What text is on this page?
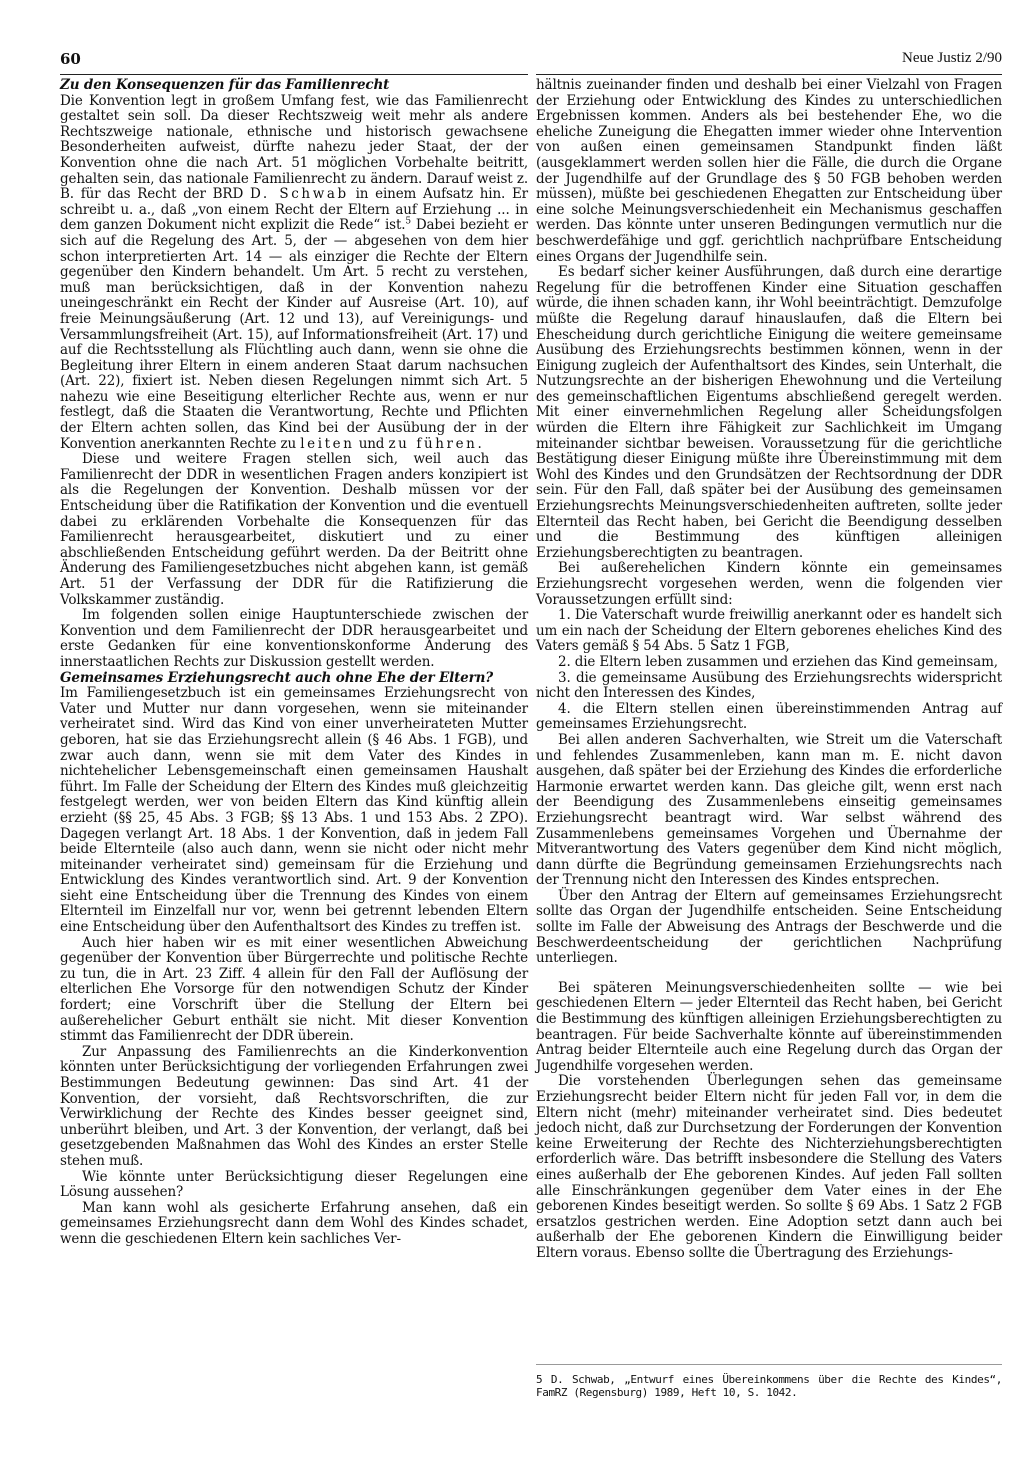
60	Neue Justiz 2/90

Zu den Konsequenzen für das Familienrecht

Die Konvention legt in großem Umfang fest, wie das Familienrecht gestaltet sein soll. Da dieser Rechtszweig weit mehr als andere Rechtszweige nationale, ethnische und historisch gewachsene Besonderheiten aufweist, dürfte nahezu jeder Staat, der der Konvention ohne die nach Art. 51 möglichen Vorbehalte beitritt, gehalten sein, das nationale Familienrecht zu ändern. Darauf weist z. B. für das Recht der BRD D. Schwab in einem Aufsatz hin. Er schreibt u. a., daß „von einem Recht der Eltern auf Erziehung ... in dem ganzen Dokument nicht explizit die Rede“ ist.$^5$ Dabei bezieht er sich auf die Regelung des Art. 5, der — abgesehen von dem hier schon interpretierten Art. 14 — als einziger die Rechte der Eltern gegenüber den Kindern behandelt. Um Art. 5 recht zu verstehen, muß man berücksichtigen, daß in der Konvention nahezu uneingeschränkt ein Recht der Kinder auf Ausreise (Art. 10), auf freie Meinungsäußerung (Art. 12 und 13), auf Vereinigungs- und Versammlungsfreiheit (Art. 15), auf Informationsfreiheit (Art. 17) und auf die Rechtsstellung als Flüchtling auch dann, wenn sie ohne die Begleitung ihrer Eltern in einem anderen Staat darum nachsuchen (Art. 22), fixiert ist. Neben diesen Regelungen nimmt sich Art. 5 nahezu wie eine Beseitigung elterlicher Rechte aus, wenn er nur festlegt, daß die Staaten die Verantwortung, Rechte und Pflichten der Eltern achten sollen, das Kind bei der Ausübung der in der Konvention anerkannten Rechte zu leiten und zu führen.

Diese und weitere Fragen stellen sich, weil auch das Familienrecht der DDR in wesentlichen Fragen anders konzipiert ist als die Regelungen der Konvention. Deshalb müssen vor der Entscheidung über die Ratifikation der Konvention und die eventuell dabei zu erklärenden Vorbehalte die Konsequenzen für das Familienrecht herausgearbeitet, diskutiert und zu einer abschließenden Entscheidung geführt werden. Da der Beitritt ohne Änderung des Familiengesetzbuches nicht abgehen kann, ist gemäß Art. 51 der Verfassung der DDR für die Ratifizierung die Volkskammer zuständig.

Im folgenden sollen einige Hauptunterschiede zwischen der Konvention und dem Familienrecht der DDR herausgearbeitet und erste Gedanken für eine konventionskonforme Änderung des innerstaatlichen Rechts zur Diskussion gestellt werden.

Gemeinsames Erziehungsrecht auch ohne Ehe der Eltern?

Im Familiengesetzbuch ist ein gemeinsames Erziehungsrecht von Vater und Mutter nur dann vorgesehen, wenn sie miteinander verheiratet sind. Wird das Kind von einer unverheirateten Mutter geboren, hat sie das Erziehungsrecht allein (§ 46 Abs. 1 FGB), und zwar auch dann, wenn sie mit dem Vater des Kindes in nichtehelicher Lebensgemeinschaft einen gemeinsamen Haushalt führt. Im Falle der Scheidung der Eltern des Kindes muß gleichzeitig festgelegt werden, wer von beiden Eltern das Kind künftig allein erzieht (§§ 25, 45 Abs. 3 FGB; §§ 13 Abs. 1 und 153 Abs. 2 ZPO). Dagegen verlangt Art. 18 Abs. 1 der Konvention, daß in jedem Fall beide Elternteile (also auch dann, wenn sie nicht oder nicht mehr miteinander verheiratet sind) gemeinsam für die Erziehung und Entwicklung des Kindes verantwortlich sind. Art. 9 der Konvention sieht eine Entscheidung über die Trennung des Kindes von einem Elternteil im Einzelfall nur vor, wenn bei getrennt lebenden Eltern eine Entscheidung über den Aufenthaltsort des Kindes zu treffen ist.

Auch hier haben wir es mit einer wesentlichen Abweichung gegenüber der Konvention über Bürgerrechte und politische Rechte zu tun, die in Art. 23 Ziff. 4 allein für den Fall der Auflösung der elterlichen Ehe Vorsorge für den notwendigen Schutz der Kinder fordert; eine Vorschrift über die Stellung der Eltern bei außerehelicher Geburt enthält sie nicht. Mit dieser Konvention stimmt das Familienrecht der DDR überein.

Zur Anpassung des Familienrechts an die Kinderkonvention könnten unter Berücksichtigung der vorliegenden Erfahrungen zwei Bestimmungen Bedeutung gewinnen: Das sind Art. 41 der Konvention, der vorsieht, daß Rechtsvorschriften, die zur Verwirklichung der Rechte des Kindes besser geeignet sind, unberührt bleiben, und Art. 3 der Konvention, der verlangt, daß bei gesetzgebenden Maßnahmen das Wohl des Kindes an erster Stelle stehen muß.

Wie könnte unter Berücksichtigung dieser Regelungen eine Lösung aussehen?

Man kann wohl als gesicherte Erfahrung ansehen, daß ein gemeinsames Erziehungsrecht dann dem Wohl des Kindes schadet, wenn die geschiedenen Eltern kein sachliches Ver-

hältnis zueinander finden und deshalb bei einer Vielzahl von Fragen der Erziehung oder Entwicklung des Kindes zu unterschiedlichen Ergebnissen kommen. Anders als bei bestehender Ehe, wo die eheliche Zuneigung die Ehegatten immer wieder ohne Intervention von außen einen gemeinsamen Standpunkt finden läßt (ausgeklammert werden sollen hier die Fälle, die durch die Organe der Jugendhilfe auf der Grundlage des § 50 FGB behoben werden müssen), müßte bei geschiedenen Ehegatten zur Entscheidung über eine solche Meinungsverschiedenheit ein Mechanismus geschaffen werden. Das könnte unter unseren Bedingungen vermutlich nur die beschwerdefähige und ggf. gerichtlich nachprüfbare Entscheidung eines Organs der Jugendhilfe sein.

Es bedarf sicher keiner Ausführungen, daß durch eine derartige Regelung für die betroffenen Kinder eine Situation geschaffen würde, die ihnen schaden kann, ihr Wohl beeinträchtigt. Demzufolge müßte die Regelung darauf hinauslaufen, daß die Eltern bei Ehescheidung durch gerichtliche Einigung die weitere gemeinsame Ausübung des Erziehungsrechts bestimmen können, wenn in der Einigung zugleich der Aufenthaltsort des Kindes, sein Unterhalt, die Nutzungsrechte an der bisherigen Ehewohnung und die Verteilung des gemeinschaftlichen Eigentums abschließend geregelt werden. Mit einer einvernehmlichen Regelung aller Scheidungsfolgen würden die Eltern ihre Fähigkeit zur Sachlichkeit im Umgang miteinander sichtbar beweisen. Voraussetzung für die gerichtliche Bestätigung dieser Einigung müßte ihre Übereinstimmung mit dem Wohl des Kindes und den Grundsätzen der Rechtsordnung der DDR sein. Für den Fall, daß später bei der Ausübung des gemeinsamen Erziehungsrechts Meinungsverschiedenheiten auftreten, sollte jeder Elternteil das Recht haben, bei Gericht die Beendigung desselben und die Bestimmung des künftigen alleinigen Erziehungsberechtigten zu beantragen.

Bei außerehelichen Kindern könnte ein gemeinsames Erziehungsrecht vorgesehen werden, wenn die folgenden vier Voraussetzungen erfüllt sind:

1. Die Vaterschaft wurde freiwillig anerkannt oder es handelt sich um ein nach der Scheidung der Eltern geborenes eheliches Kind des Vaters gemäß § 54 Abs. 5 Satz 1 FGB,

2. die Eltern leben zusammen und erziehen das Kind gemeinsam,

3. die gemeinsame Ausübung des Erziehungsrechts widerspricht nicht den Interessen des Kindes,

4. die Eltern stellen einen übereinstimmenden Antrag auf gemeinsames Erziehungsrecht.

Bei allen anderen Sachverhalten, wie Streit um die Vaterschaft und fehlendes Zusammenleben, kann man m. E. nicht davon ausgehen, daß später bei der Erziehung des Kindes die erforderliche Harmonie erwartet werden kann. Das gleiche gilt, wenn erst nach der Beendigung des Zusammenlebens einseitig gemeinsames Erziehungsrecht beantragt wird. War selbst während des Zusammenlebens gemeinsames Vorgehen und Übernahme der Mitverantwortung des Vaters gegenüber dem Kind nicht möglich, dann dürfte die Begründung gemeinsamen Erziehungsrechts nach der Trennung nicht den Interessen des Kindes entsprechen.

Über den Antrag der Eltern auf gemeinsames Erziehungsrecht sollte das Organ der Jugendhilfe entscheiden. Seine Entscheidung sollte im Falle der Abweisung des Antrags der Beschwerde und die Beschwerdeentscheidung der gerichtlichen Nachprüfung unterliegen.

Bei späteren Meinungsverschiedenheiten sollte — wie bei geschiedenen Eltern — jeder Elternteil das Recht haben, bei Gericht die Bestimmung des künftigen alleinigen Erziehungsberechtigten zu beantragen. Für beide Sachverhalte könnte auf übereinstimmenden Antrag beider Elternteile auch eine Regelung durch das Organ der Jugendhilfe vorgesehen werden.

Die vorstehenden Überlegungen sehen das gemeinsame Erziehungsrecht beider Eltern nicht für jeden Fall vor, in dem die Eltern nicht (mehr) miteinander verheiratet sind. Dies bedeutet jedoch nicht, daß zur Durchsetzung der Forderungen der Konvention keine Erweiterung der Rechte des Nichterziehungsberechtigten erforderlich wäre. Das betrifft insbesondere die Stellung des Vaters eines außerhalb der Ehe geborenen Kindes. Auf jeden Fall sollten alle Einschränkungen gegenüber dem Vater eines in der Ehe geborenen Kindes beseitigt werden. So sollte § 69 Abs. 1 Satz 2 FGB ersatzlos gestrichen werden. Eine Adoption setzt dann auch bei außerhalb der Ehe geborenen Kindern die Einwilligung beider Eltern voraus. Ebenso sollte die Übertragung des Erziehungs-

5 D. Schwab, „Entwurf eines Übereinkommens über die Rechte des Kindes“, FamRZ (Regensburg) 1989, Heft 10, S. 1042.
